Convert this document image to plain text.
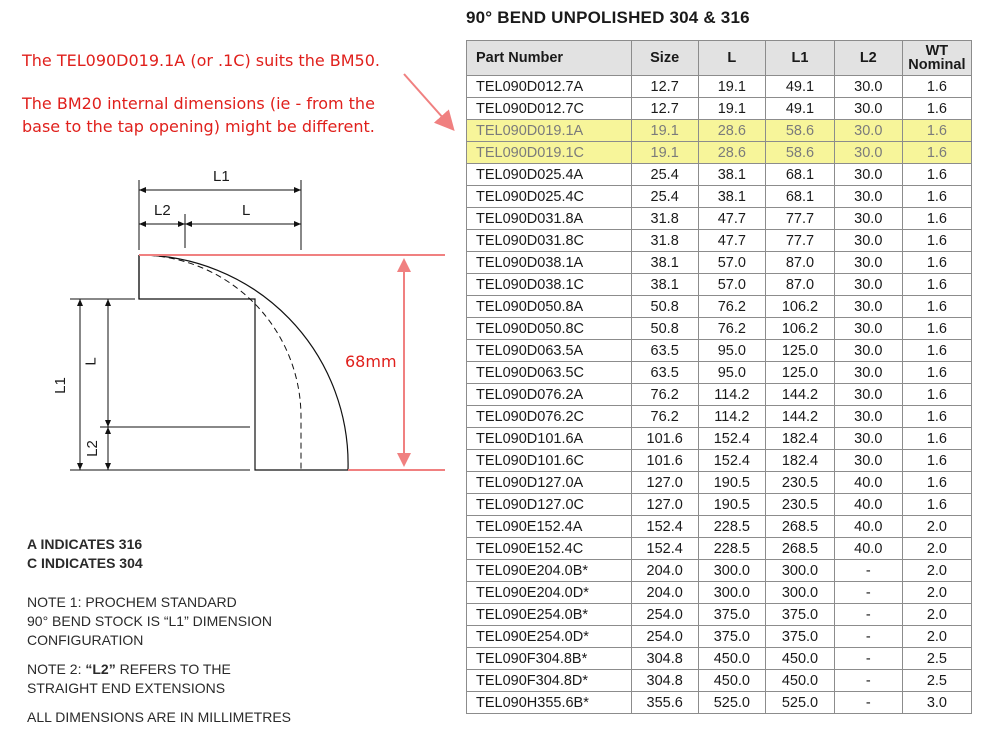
90° BEND UNPOLISHED 304 & 316
The TEL090D019.1A (or .1C) suits the BM50.
The BM20 internal dimensions (ie - from the
base to the tap opening) might be different.
L1
L2	L
L1
L
L2
68mm
A INDICATES 316
C INDICATES 304

NOTE 1: PROCHEM STANDARD

90° BEND STOCK IS “L1” DIMENSION

CONFIGURATION

NOTE 2: “L2” REFERS TO THE

STRAIGHT END EXTENSIONS

ALL DIMENSIONS ARE IN MILLIMETRES

Part Number	Size	L	L1	L2	WT
Nominal
TEL090D012.7A	12.7	19.1	49.1	30.0	1.6
TEL090D012.7C	12.7	19.1	49.1	30.0	1.6
TEL090D019.1A	19.1	28.6	58.6	30.0	1.6
TEL090D019.1C	19.1	28.6	58.6	30.0	1.6
TEL090D025.4A	25.4	38.1	68.1	30.0	1.6
TEL090D025.4C	25.4	38.1	68.1	30.0	1.6
TEL090D031.8A	31.8	47.7	77.7	30.0	1.6
TEL090D031.8C	31.8	47.7	77.7	30.0	1.6
TEL090D038.1A	38.1	57.0	87.0	30.0	1.6
TEL090D038.1C	38.1	57.0	87.0	30.0	1.6
TEL090D050.8A	50.8	76.2	106.2	30.0	1.6
TEL090D050.8C	50.8	76.2	106.2	30.0	1.6
TEL090D063.5A	63.5	95.0	125.0	30.0	1.6
TEL090D063.5C	63.5	95.0	125.0	30.0	1.6
TEL090D076.2A	76.2	114.2	144.2	30.0	1.6
TEL090D076.2C	76.2	114.2	144.2	30.0	1.6
TEL090D101.6A	101.6	152.4	182.4	30.0	1.6
TEL090D101.6C	101.6	152.4	182.4	30.0	1.6
TEL090D127.0A	127.0	190.5	230.5	40.0	1.6
TEL090D127.0C	127.0	190.5	230.5	40.0	1.6
TEL090E152.4A	152.4	228.5	268.5	40.0	2.0
TEL090E152.4C	152.4	228.5	268.5	40.0	2.0
TEL090E204.0B*	204.0	300.0	300.0	-	2.0
TEL090E204.0D*	204.0	300.0	300.0	-	2.0
TEL090E254.0B*	254.0	375.0	375.0	-	2.0
TEL090E254.0D*	254.0	375.0	375.0	-	2.0
TEL090F304.8B*	304.8	450.0	450.0	-	2.5
TEL090F304.8D*	304.8	450.0	450.0	-	2.5
TEL090H355.6B*	355.6	525.0	525.0	-	3.0
